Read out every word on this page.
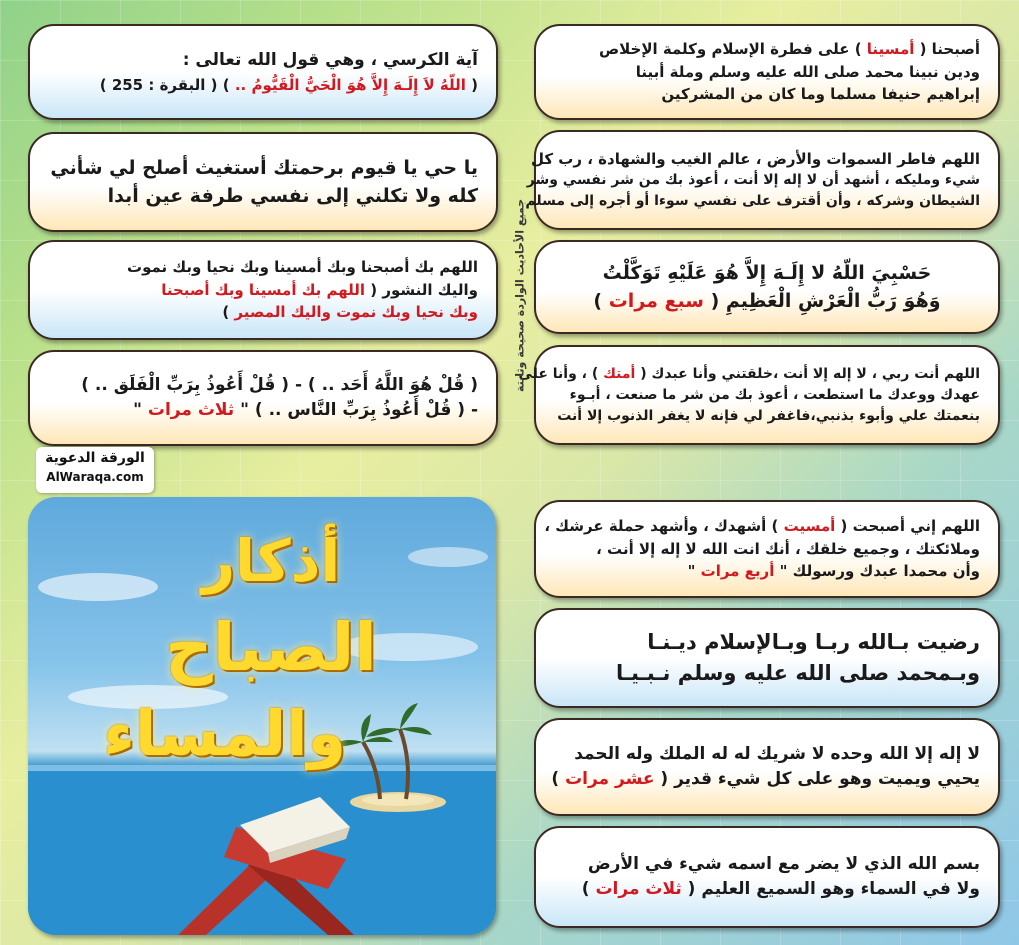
أصبحنا ( أمسينا ) على فطرة الإسلام وكلمة الإخلاص
ودين نبينا محمد صلى الله عليه وسلم وملة أبينا
إبراهيم حنيفا مسلما وما كان من المشركين
اللهم فاطر السموات والأرض ، عالم الغيب والشهادة ، رب كل
شيء ومليكه ، أشهد أن لا إله إلا أنت ، أعوذ بك من شر نفسي وشر
الشيطان وشركه ، وأن أقترف على نفسي سوءا أو أجره إلى مسلم
حَسْبِيَ اللّهُ لا إِلَـهَ إِلاَّ هُوَ عَلَيْهِ تَوَكَّلْتُ
وَهُوَ رَبُّ الْعَرْشِ الْعَظِيمِ ( سبع مرات )
اللهم أنت ربي ، لا إله إلا أنت ،خلقتني وأنا عبدك ( أمتك ) ، وأنا على
عهدك ووعدك ما استطعت ، أعوذ بك من شر ما صنعت ، أبـوء
بنعمتك علي وأبوء بذنبي،فاغفر لي فإنه لا يغفر الذنوب إلا أنت
اللهم إني أصبحت ( أمسيت ) أشهدك ، وأشهد حملة عرشك ،
وملائكتك ، وجميع خلقك ، أنك انت الله لا إله إلا أنت ،
وأن محمدا عبدك ورسولك " أربع مرات "
رضيت بـالله ربـا وبـالإسلام ديـنـا
وبـمحمد صلى الله عليه وسلم نـبـيـا
لا إله إلا الله وحده لا شريك له له الملك وله الحمد
يحيي ويميت وهو على كل شيء قدير ( عشر مرات )
بسم الله الذي لا يضر مع اسمه شيء في الأرض
ولا في السماء وهو السميع العليم ( ثلاث مرات )
جميع الأحاديث الواردة صحيحة وثابتة
آية الكرسي ، وهي قول الله تعالى :
( اللّهُ لاَ إِلَـهَ إِلاَّ هُوَ الْحَيُّ الْقَيُّومُ .. ) ( البقرة : 255 )
يا حي يا قيوم برحمتك أستغيث أصلح لي شأني
كله ولا تكلني إلى نفسي طرفة عين أبدا
اللهم بك أصبحنا وبك أمسينا وبك نحيا وبك نموت
واليك النشور ( اللهم بك أمسينا وبك أصبحنا
وبك نحيا وبك نموت واليك المصير )
( قُلْ هُوَ اللَّهُ أَحَد .. ) - ( قُلْ أَعُوذُ بِرَبِّ الْفَلَق .. )
- ( قُلْ أَعُوذُ بِرَبِّ النَّاس .. ) " ثلاث مرات "
الورقة الدعوية
AlWaraqa.com
أذكار
الصباح
والمساء
